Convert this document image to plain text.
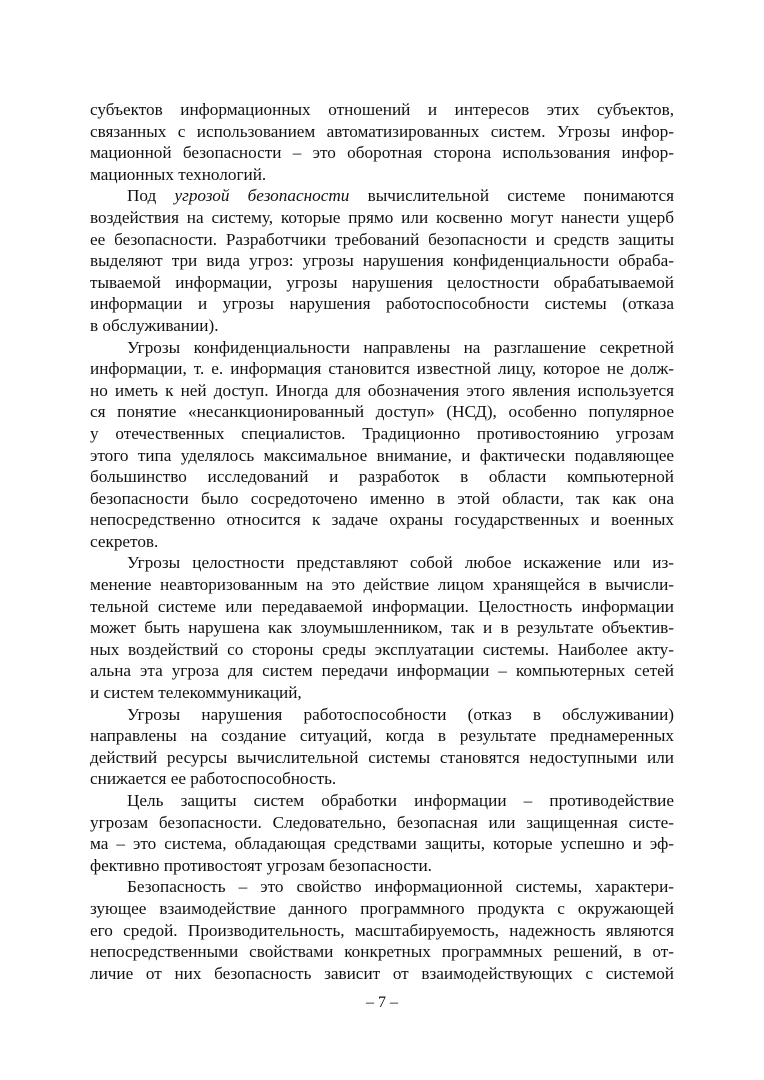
субъектов информационных отношений и интересов этих субъектов,
связанных с использованием автоматизированных систем. Угрозы инфор-
мационной безопасности – это оборотная сторона использования инфор-
мационных технологий.
Под угрозой безопасности вычислительной системе понимаются
воздействия на систему, которые прямо или косвенно могут нанести ущерб
ее безопасности. Разработчики требований безопасности и средств защиты
выделяют три вида угроз: угрозы нарушения конфиденциальности обраба-
тываемой информации, угрозы нарушения целостности обрабатываемой
информации и угрозы нарушения работоспособности системы (отказа
в обслуживании).
Угрозы конфиденциальности направлены на разглашение секретной
информации, т. е. информация становится известной лицу, которое не долж-
но иметь к ней доступ. Иногда для обозначения этого явления используется
ся понятие «несанкционированный доступ» (НСД), особенно популярное
у отечественных специалистов. Традиционно противостоянию угрозам
этого типа уделялось максимальное внимание, и фактически подавляющее
большинство исследований и разработок в области компьютерной
безопасности было сосредоточено именно в этой области, так как она
непосредственно относится к задаче охраны государственных и военных
секретов.
Угрозы целостности представляют собой любое искажение или из-
менение неавторизованным на это действие лицом хранящейся в вычисли-
тельной системе или передаваемой информации. Целостность информации
может быть нарушена как злоумышленником, так и в результате объектив-
ных воздействий со стороны среды эксплуатации системы. Наиболее акту-
альна эта угроза для систем передачи информации – компьютерных сетей
и систем телекоммуникаций,
Угрозы нарушения работоспособности (отказ в обслуживании)
направлены на создание ситуаций, когда в результате преднамеренных
действий ресурсы вычислительной системы становятся недоступными или
снижается ее работоспособность.
Цель защиты систем обработки информации – противодействие
угрозам безопасности. Следовательно, безопасная или защищенная систе-
ма – это система, обладающая средствами защиты, которые успешно и эф-
фективно противостоят угрозам безопасности.
Безопасность – это свойство информационной системы, характери-
зующее взаимодействие данного программного продукта с окружающей
его средой. Производительность, масштабируемость, надежность являются
непосредственными свойствами конкретных программных решений, в от-
личие от них безопасность зависит от взаимодействующих с системой
– 7 –
